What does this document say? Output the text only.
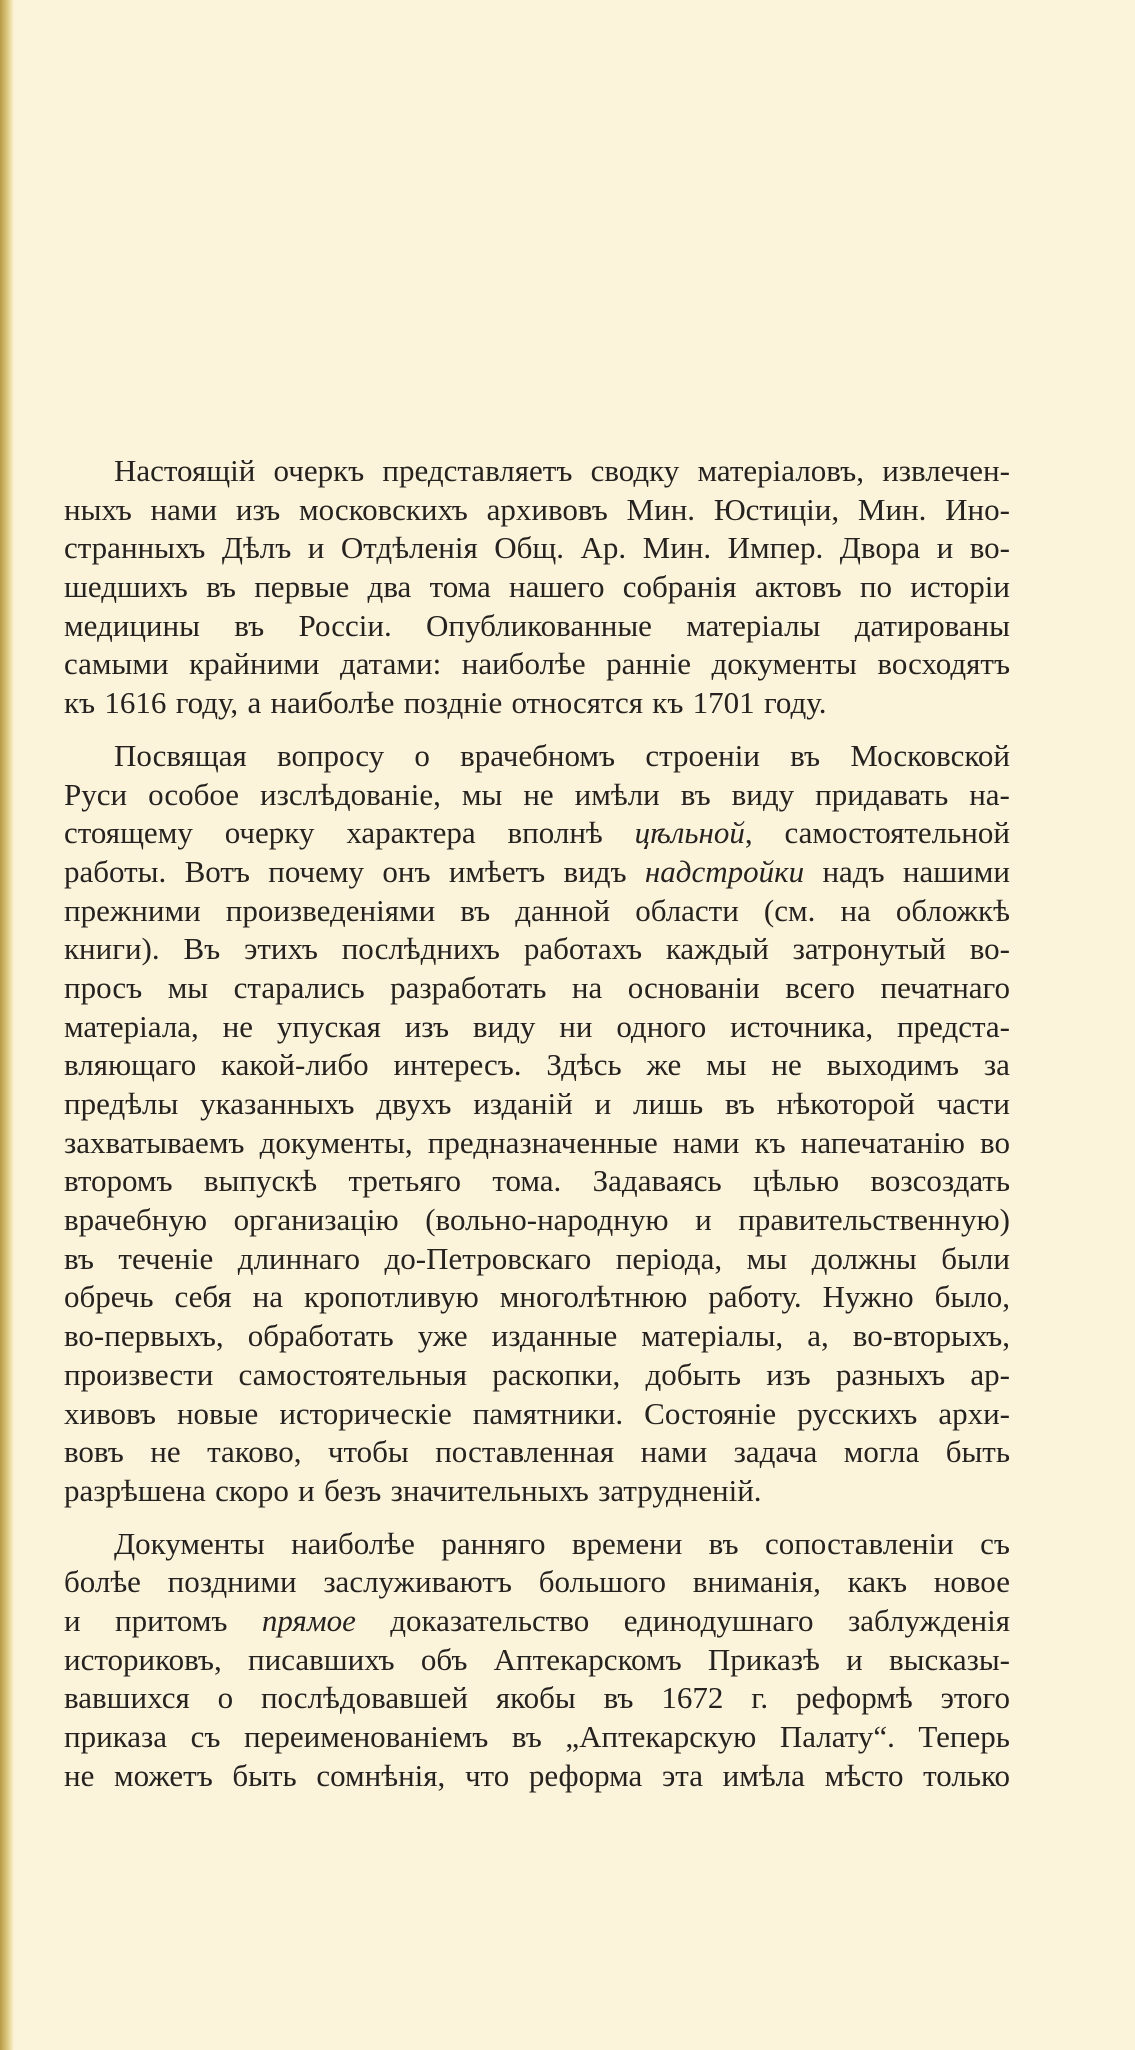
Настоящiй очеркъ представляетъ сводку матерiаловъ, извлечен-
ныхъ нами изъ московскихъ архивовъ Мин. Юстицiи, Мин. Ино-
странныхъ Дѣлъ и Отдѣленiя Общ. Ар. Мин. Импер. Двора и во-
шедшихъ въ первые два тома нашего собранiя актовъ по исторiи
медицины въ Россiи. Опубликованные матерiалы датированы
самыми крайними датами: наиболѣе раннiе документы восходятъ
къ 1616 году, а наиболѣе позднiе относятся къ 1701 году.
Посвящая вопросу о врачебномъ строенiи въ Московской
Руси особое изслѣдованiе, мы не имѣли въ виду придавать на-
стоящему очерку характера вполнѣ цѣльной, самостоятельной
работы. Вотъ почему онъ имѣетъ видъ надстройки надъ нашими
прежними произведенiями въ данной области (см. на обложкѣ
книги). Въ этихъ послѣднихъ работахъ каждый затронутый во-
просъ мы старались разработать на основанiи всего печатнаго
матерiала, не упуская изъ виду ни одного источника, предста-
вляющаго какой-либо интересъ. Здѣсь же мы не выходимъ за
предѣлы указанныхъ двухъ изданiй и лишь въ нѣкоторой части
захватываемъ документы, предназначенные нами къ напечатанiю во
второмъ выпускѣ третьяго тома. Задаваясь цѣлью возсоздать
врачебную организацiю (вольно-народную и правительственную)
въ теченiе длиннаго до-Петровскаго перiода, мы должны были
обречь себя на кропотливую многолѣтнюю работу. Нужно было,
во-первыхъ, обработать уже изданные матерiалы, а, во-вторыхъ,
произвести самостоятельныя раскопки, добыть изъ разныхъ ар-
хивовъ новые историческiе памятники. Состоянiе русскихъ архи-
вовъ не таково, чтобы поставленная нами задача могла быть
разрѣшена скоро и безъ значительныхъ затрудненiй.
Документы наиболѣе ранняго времени въ сопоставленiи съ
болѣе поздними заслуживаютъ большого вниманiя, какъ новое
и притомъ прямое доказательство единодушнаго заблужденiя
историковъ, писавшихъ объ Аптекарскомъ Приказѣ и высказы-
вавшихся о послѣдовавшей якобы въ 1672 г. реформѣ этого
приказа съ переименованiемъ въ „Аптекарскую Палату“. Теперь
не можетъ быть сомнѣнiя, что реформа эта имѣла мѣсто только
